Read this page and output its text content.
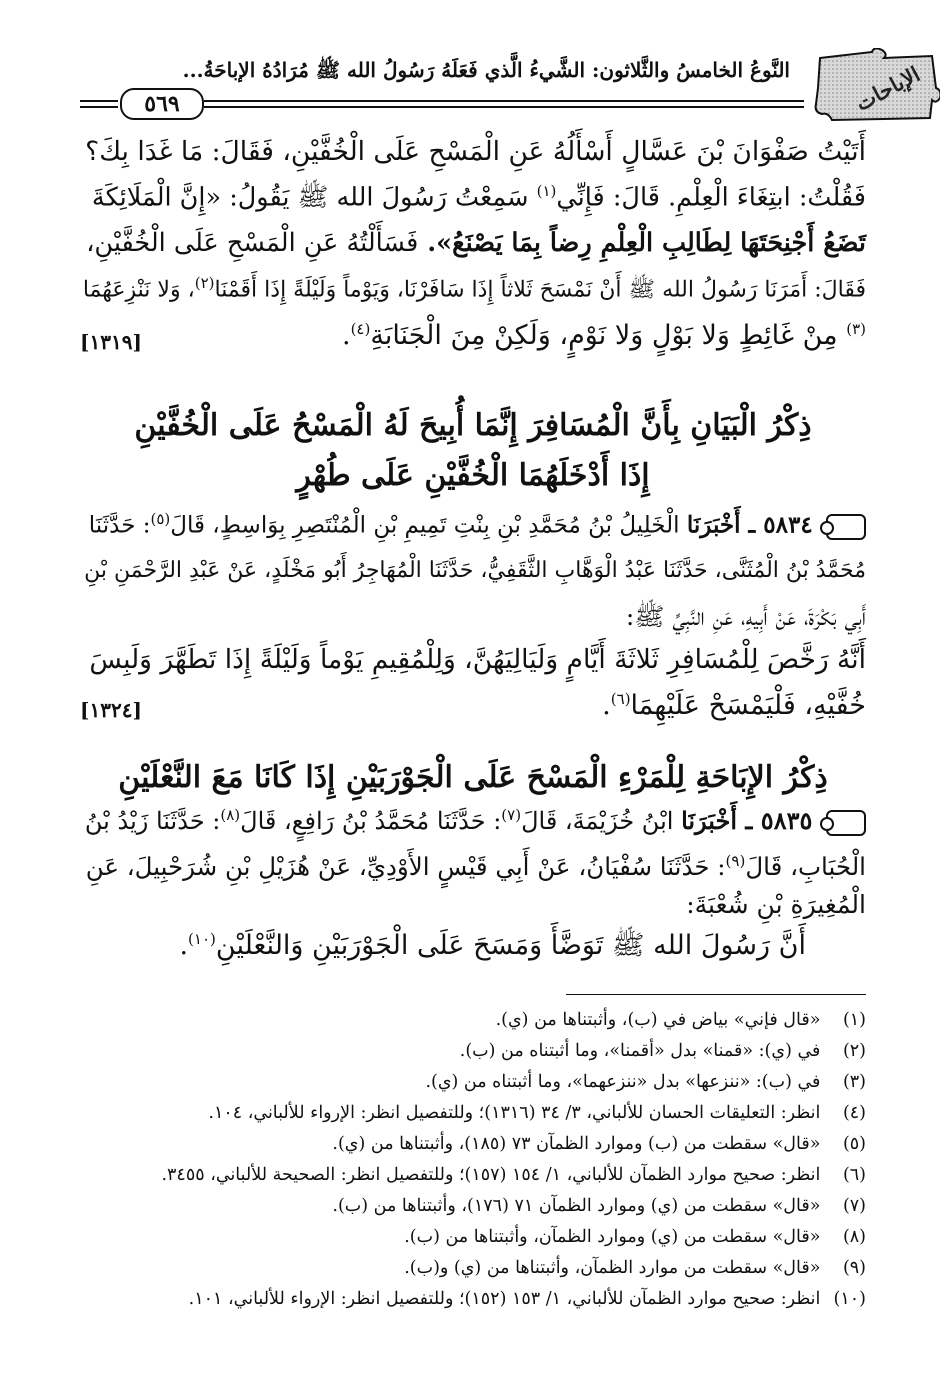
الإباحات
النَّوعُ الخامسُ والثَّلاثون: الشَّيءُ الَّذي فَعَلَهُ رَسُولُ الله ﷺ مُرَادُهُ الإباحَةُ...
٥٦٩
أَتَيْتُ صَفْوَانَ بْنَ عَسَّالٍ أَسْأَلُهُ عَنِ الْمَسْحِ عَلَى الْخُفَّيْنِ، فَقَالَ: مَا غَدَا بِكَ؟
فَقُلْتُ: ابتِغَاءَ الْعِلْمِ. قَالَ: فَإِنِّي$^{(١)}$ سَمِعْتُ رَسُولَ الله ﷺ يَقُولُ: «إِنَّ الْمَلَائِكَةَ
تَضَعُ أَجْنِحَتَهَا لِطَالِبِ الْعِلْمِ رِضاً بِمَا يَصْنَعُ». فَسَأَلْتُهُ عَنِ الْمَسْحِ عَلَى الْخُفَّيْنِ،
فَقَالَ: أَمَرَنَا رَسُولُ الله ﷺ أَنْ نَمْسَحَ ثَلاثاً إِذَا سَافَرْنَا، وَيَوْماً وَلَيْلَةً إِذَا أَقَمْنَا$^{(٢)}$، وَلا نَنْزِعَهُمَا
$^{(٣)}$ مِنْ غَائِطٍ وَلا بَوْلٍ وَلا نَوْمٍ، وَلَكِنْ مِنَ الْجَنَابَةِ$^{(٤)}$.
[١٣١٩]
ذِكْرُ الْبَيَانِ بِأَنَّ الْمُسَافِرَ إِنَّمَا أُبِيحَ لَهُ الْمَسْحُ عَلَى الْخُفَّيْنِ
إِذَا أَدْخَلَهُمَا الْخُفَّيْنِ عَلَى طُهْرٍ
٥٨٣٤ ـ أَخْبَرَنَا الْخَلِيلُ بْنُ مُحَمَّدِ بْنِ بِنْتِ تَمِيمِ بْنِ الْمُنْتَصِرِ بِوَاسِطٍ، قَالَ$^{(٥)}$: حَدَّثَنَا
مُحَمَّدُ بْنُ الْمُثَنَّى، حَدَّثَنَا عَبْدُ الْوَهَّابِ الثَّقَفِيُّ، حَدَّثَنَا الْمُهَاجِرُ أَبُو مَخْلَدٍ، عَنْ عَبْدِ الرَّحْمَنِ بْنِ
أَبِي بَكْرَةَ، عَنْ أَبِيهِ، عَنِ النَّبِيِّ ﷺ:
أَنَّهُ رَخَّصَ لِلْمُسَافِرِ ثَلاثَةَ أَيَّامٍ وَلَيَالِيَهُنَّ، وَلِلْمُقِيمِ يَوْماً وَلَيْلَةً إِذَا تَطَهَّرَ وَلَبِسَ
خُفَّيْهِ، فَلْيَمْسَحْ عَلَيْهِمَا$^{(٦)}$.
[١٣٢٤]
ذِكْرُ الإِبَاحَةِ لِلْمَرْءِ الْمَسْحَ عَلَى الْجَوْرَبَيْنِ إِذَا كَانَا مَعَ النَّعْلَيْنِ
٥٨٣٥ ـ أَخْبَرَنَا ابْنُ خُزَيْمَةَ، قَالَ$^{(٧)}$: حَدَّثَنَا مُحَمَّدُ بْنُ رَافِعٍ، قَالَ$^{(٨)}$: حَدَّثَنَا زَيْدُ بْنُ
الْحُبَابِ، قَالَ$^{(٩)}$: حَدَّثَنَا سُفْيَانُ، عَنْ أَبِي قَيْسٍ الأَوْدِيِّ، عَنْ هُزَيْلِ بْنِ شُرَحْبِيلَ، عَنِ
الْمُغِيرَةِ بْنِ شُعْبَةَ:
أَنَّ رَسُولَ الله ﷺ تَوَضَّأَ وَمَسَحَ عَلَى الْجَوْرَبَيْنِ وَالنَّعْلَيْنِ$^{(١٠)}$.
(١) «قال فإني» بياض في (ب)، وأثبتناها من (ي).
(٢) في (ي): «قمنا» بدل «أقمنا»، وما أثبتناه من (ب).
(٣) في (ب): «ننزعها» بدل «ننزعهما»، وما أثبتناه من (ي).
(٤) انظر: التعليقات الحسان للألباني، ٣/ ٣٤ (١٣١٦)؛ وللتفصيل انظر: الإرواء للألباني، ١٠٤.
(٥) «قال» سقطت من (ب) وموارد الظمآن ٧٣ (١٨٥)، وأثبتناها من (ي).
(٦) انظر: صحيح موارد الظمآن للألباني، ١/ ١٥٤ (١٥٧)؛ وللتفصيل انظر: الصحيحة للألباني، ٣٤٥٥.
(٧) «قال» سقطت من (ي) وموارد الظمآن ٧١ (١٧٦)، وأثبتناها من (ب).
(٨) «قال» سقطت من (ي) وموارد الظمآن، وأثبتناها من (ب).
(٩) «قال» سقطت من موارد الظمآن، وأثبتناها من (ي) و(ب).
(١٠) انظر: صحيح موارد الظمآن للألباني، ١/ ١٥٣ (١٥٢)؛ وللتفصيل انظر: الإرواء للألباني، ١٠١.
